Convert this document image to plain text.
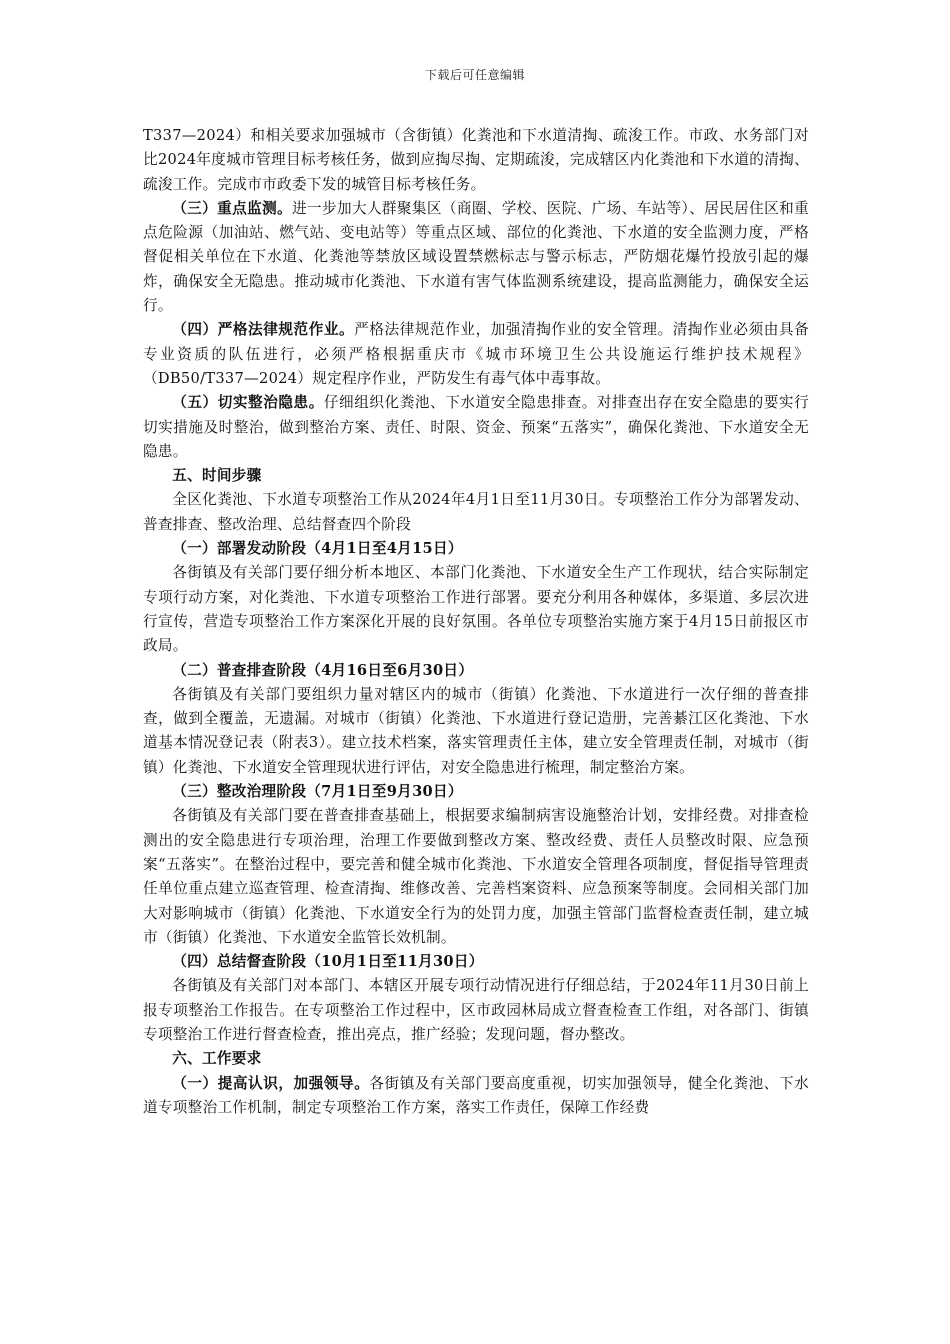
下载后可任意编辑

T337—2024）和相关要求加强城市（含街镇）化粪池和下水道清掏、疏浚工作。市政、水务部门对比2024年度城市管理目标考核任务，做到应掏尽掏、定期疏浚，完成辖区内化粪池和下水道的清掏、疏浚工作。完成市市政委下发的城管目标考核任务。

（三）重点监测。进一步加大人群聚集区（商圈、学校、医院、广场、车站等）、居民居住区和重点危险源（加油站、燃气站、变电站等）等重点区域、部位的化粪池、下水道的安全监测力度，严格督促相关单位在下水道、化粪池等禁放区域设置禁燃标志与警示标志，严防烟花爆竹投放引起的爆炸，确保安全无隐患。推动城市化粪池、下水道有害气体监测系统建设，提高监测能力，确保安全运行。

（四）严格法律规范作业。严格法律规范作业，加强清掏作业的安全管理。清掏作业必须由具备专业资质的队伍进行，必须严格根据重庆市《城市环境卫生公共设施运行维护技术规程》（DB50/T337—2024）规定程序作业，严防发生有毒气体中毒事故。

（五）切实整治隐患。仔细组织化粪池、下水道安全隐患排查。对排查出存在安全隐患的要实行切实措施及时整治，做到整治方案、责任、时限、资金、预案“五落实”，确保化粪池、下水道安全无隐患。

五、时间步骤

全区化粪池、下水道专项整治工作从2024年4月1日至11月30日。专项整治工作分为部署发动、普查排查、整改治理、总结督查四个阶段

（一）部署发动阶段（4月1日至4月15日）

各街镇及有关部门要仔细分析本地区、本部门化粪池、下水道安全生产工作现状，结合实际制定专项行动方案，对化粪池、下水道专项整治工作进行部署。要充分利用各种媒体，多渠道、多层次进行宣传，营造专项整治工作方案深化开展的良好氛围。各单位专项整治实施方案于4月15日前报区市政局。

（二）普查排查阶段（4月16日至6月30日）

各街镇及有关部门要组织力量对辖区内的城市（街镇）化粪池、下水道进行一次仔细的普查排查，做到全覆盖，无遗漏。对城市（街镇）化粪池、下水道进行登记造册，完善綦江区化粪池、下水道基本情况登记表（附表3）。建立技术档案，落实管理责任主体，建立安全管理责任制，对城市（街镇）化粪池、下水道安全管理现状进行评估，对安全隐患进行梳理，制定整治方案。

（三）整改治理阶段（7月1日至9月30日）

各街镇及有关部门要在普查排查基础上，根据要求编制病害设施整治计划，安排经费。对排查检测出的安全隐患进行专项治理，治理工作要做到整改方案、整改经费、责任人员整改时限、应急预案“五落实”。在整治过程中，要完善和健全城市化粪池、下水道安全管理各项制度，督促指导管理责任单位重点建立巡查管理、检查清掏、维修改善、完善档案资料、应急预案等制度。会同相关部门加大对影响城市（街镇）化粪池、下水道安全行为的处罚力度，加强主管部门监督检查责任制，建立城市（街镇）化粪池、下水道安全监管长效机制。

（四）总结督查阶段（10月1日至11月30日）

各街镇及有关部门对本部门、本辖区开展专项行动情况进行仔细总结，于2024年11月30日前上报专项整治工作报告。在专项整治工作过程中，区市政园林局成立督查检查工作组，对各部门、街镇专项整治工作进行督查检查，推出亮点，推广经验；发现问题，督办整改。

六、工作要求

（一）提高认识，加强领导。各街镇及有关部门要高度重视，切实加强领导，健全化粪池、下水道专项整治工作机制，制定专项整治工作方案，落实工作责任，保障工作经费
